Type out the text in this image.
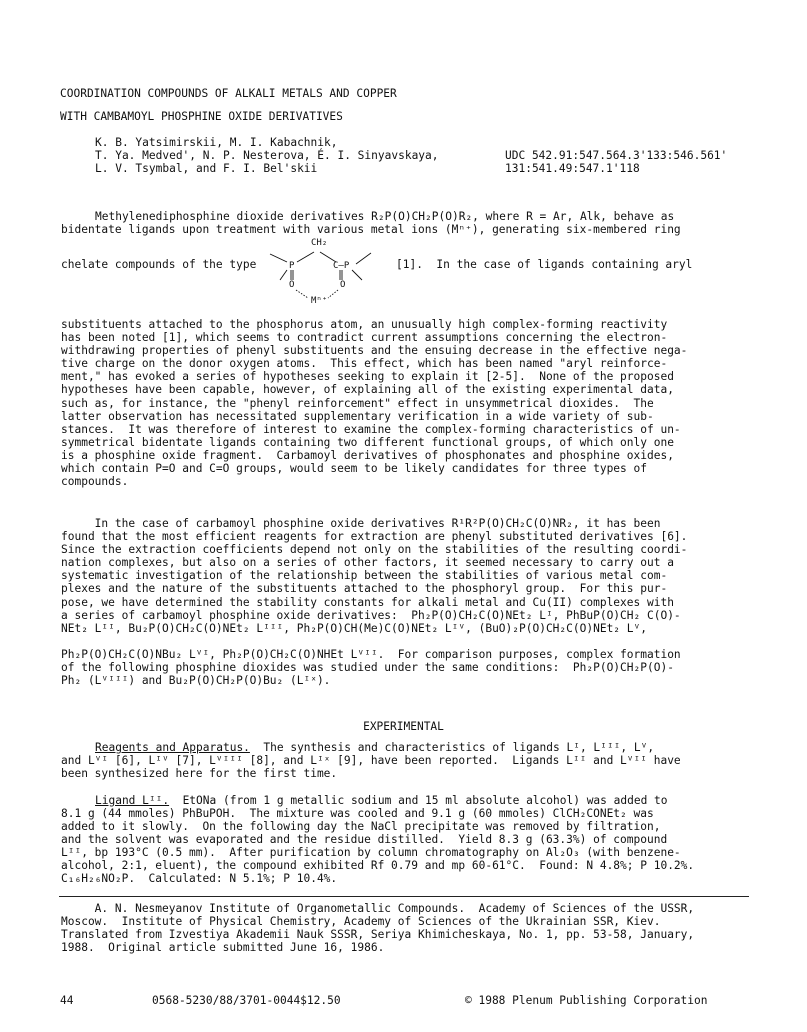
COORDINATION COMPOUNDS OF ALKALI METALS AND COPPER
WITH CAMBAMOYL PHOSPHINE OXIDE DERIVATIVES
K. B. Yatsimirskii, M. I. Kabachnik,
T. Ya. Medved', N. P. Nesterova, É. I. Sinyavskaya,
L. V. Tsymbal, and F. I. Bel'skii
UDC 542.91:547.564.3'133:546.561'
131:541.49:547.1'118
Methylenediphosphine dioxide derivatives R₂P(O)CH₂P(O)R₂, where R = Ar, Alk, behave as
bidentate ligands upon treatment with various metal ions (Mⁿ⁺), generating six-membered ring
chelate compounds of the type	[1].  In the case of ligands containing aryl
CH₂
P	C—P
O	O
Mⁿ⁺
substituents attached to the phosphorus atom, an unusually high complex-forming reactivity
has been noted [1], which seems to contradict current assumptions concerning the electron-
withdrawing properties of phenyl substituents and the ensuing decrease in the effective nega-
tive charge on the donor oxygen atoms.  This effect, which has been named "aryl reinforce-
ment," has evoked a series of hypotheses seeking to explain it [2-5].  None of the proposed
hypotheses have been capable, however, of explaining all of the existing experimental data,
such as, for instance, the "phenyl reinforcement" effect in unsymmetrical dioxides.  The
latter observation has necessitated supplementary verification in a wide variety of sub-
stances.  It was therefore of interest to examine the complex-forming characteristics of un-
symmetrical bidentate ligands containing two different functional groups, of which only one
is a phosphine oxide fragment.  Carbamoyl derivatives of phosphonates and phosphine oxides,
which contain P=O and C=O groups, would seem to be likely candidates for three types of
compounds.
In the case of carbamoyl phosphine oxide derivatives R¹R²P(O)CH₂C(O)NR₂, it has been
found that the most efficient reagents for extraction are phenyl substituted derivatives [6].
Since the extraction coefficients depend not only on the stabilities of the resulting coordi-
nation complexes, but also on a series of other factors, it seemed necessary to carry out a
systematic investigation of the relationship between the stabilities of various metal com-
plexes and the nature of the substituents attached to the phosphoryl group.  For this pur-
pose, we have determined the stability constants for alkali metal and Cu(II) complexes with
a series of carbamoyl phosphine oxide derivatives:  Ph₂P(O)CH₂C(O)NEt₂ Lᴵ, PhBuP(O)CH₂ C(O)-
NEt₂ Lᴵᴵ, Bu₂P(O)CH₂C(O)NEt₂ Lᴵᴵᴵ, Ph₂P(O)CH(Me)C(O)NEt₂ Lᴵⱽ, (BuO)₂P(O)CH₂C(O)NEt₂ Lⱽ,

Ph₂P(O)CH₂C(O)NBu₂ Lⱽᴵ, Ph₂P(O)CH₂C(O)NHEt Lⱽᴵᴵ.  For comparison purposes, complex formation
of the following phosphine dioxides was studied under the same conditions:  Ph₂P(O)CH₂P(O)-
Ph₂ (Lⱽᴵᴵᴵ) and Bu₂P(O)CH₂P(O)Bu₂ (Lᴵˣ).
EXPERIMENTAL
Reagents and Apparatus.  The synthesis and characteristics of ligands Lᴵ, Lᴵᴵᴵ, Lⱽ,
and Lⱽᴵ [6], Lᴵⱽ [7], Lⱽᴵᴵᴵ [8], and Lᴵˣ [9], have been reported.  Ligands Lᴵᴵ and Lⱽᴵᴵ have
been synthesized here for the first time.
Ligand Lᴵᴵ.  EtONa (from 1 g metallic sodium and 15 ml absolute alcohol) was added to
8.1 g (44 mmoles) PhBuPOH.  The mixture was cooled and 9.1 g (60 mmoles) ClCH₂CONEt₂ was
added to it slowly.  On the following day the NaCl precipitate was removed by filtration,
and the solvent was evaporated and the residue distilled.  Yield 8.3 g (63.3%) of compound
Lᴵᴵ, bp 193°C (0.5 mm).  After purification by column chromatography on Al₂O₃ (with benzene-
alcohol, 2:1, eluent), the compound exhibited Rf 0.79 and mp 60-61°C.  Found: N 4.8%; P 10.2%.
C₁₆H₂₆NO₂P.  Calculated: N 5.1%; P 10.4%.
A. N. Nesmeyanov Institute of Organometallic Compounds.  Academy of Sciences of the USSR,
Moscow.  Institute of Physical Chemistry, Academy of Sciences of the Ukrainian SSR, Kiev.
Translated from Izvestiya Akademii Nauk SSSR, Seriya Khimicheskaya, No. 1, pp. 53-58, January,
1988.  Original article submitted June 16, 1986.
44	0568-5230/88/3701-0044$12.50	© 1988 Plenum Publishing Corporation
